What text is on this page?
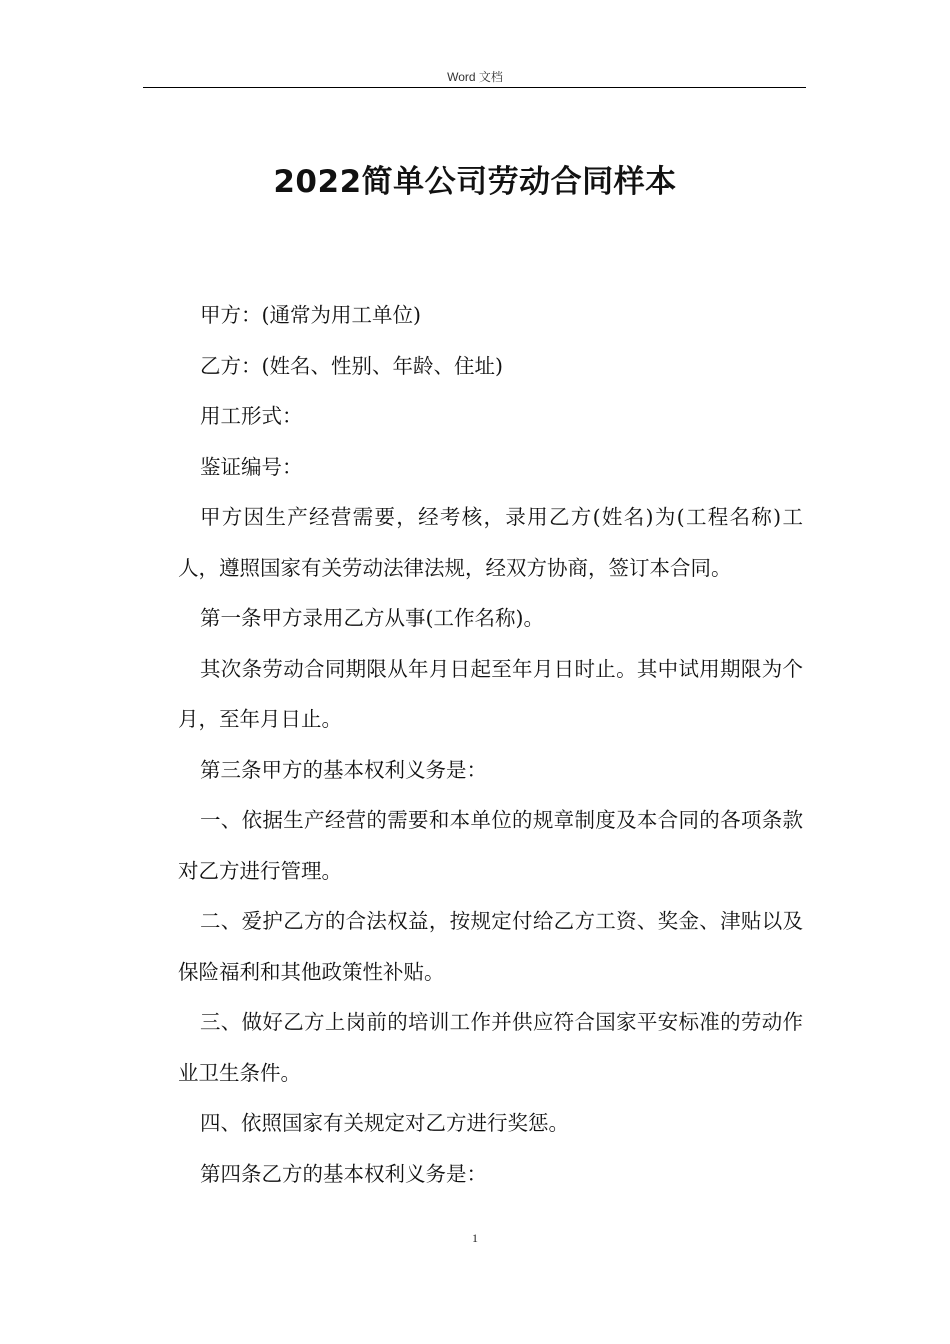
Word 文档
2022简单公司劳动合同样本

甲方：(通常为用工单位)

乙方：(姓名、性别、年龄、住址)

用工形式：

鉴证编号：

甲方因生产经营需要，经考核，录用乙方(姓名)为(工程名称)工人，遵照国家有关劳动法律法规，经双方协商，签订本合同。

第一条甲方录用乙方从事(工作名称)。

其次条劳动合同期限从年月日起至年月日时止。其中试用期限为个月，至年月日止。

第三条甲方的基本权利义务是：

一、依据生产经营的需要和本单位的规章制度及本合同的各项条款对乙方进行管理。

二、爱护乙方的合法权益，按规定付给乙方工资、奖金、津贴以及保险福利和其他政策性补贴。

三、做好乙方上岗前的培训工作并供应符合国家平安标准的劳动作业卫生条件。

四、依照国家有关规定对乙方进行奖惩。

第四条乙方的基本权利义务是：

1
